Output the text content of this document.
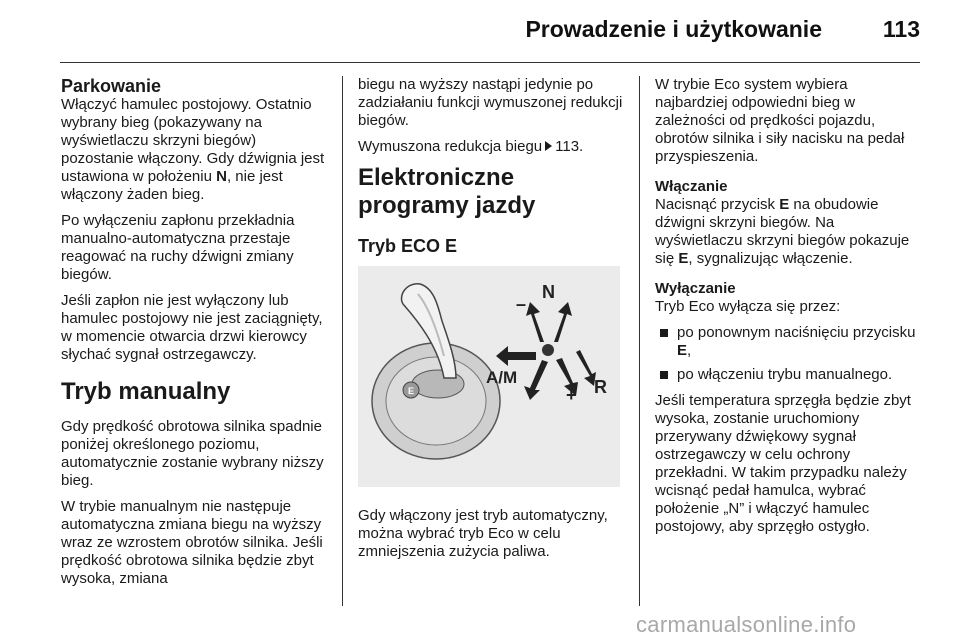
Prowadzenie i użytkowanie	113
Parkowanie

Włączyć hamulec postojowy. Ostatnio wybrany bieg (pokazywany na wyświetlaczu skrzyni biegów) pozostanie włączony. Gdy dźwignia jest ustawiona w położeniu N, nie jest włączony żaden bieg.

Po wyłączeniu zapłonu przekładnia manualno-automatyczna przestaje reagować na ruchy dźwigni zmiany biegów.

Jeśli zapłon nie jest wyłączony lub hamulec postojowy nie jest zaciągnięty, w momencie otwarcia drzwi kierowcy słychać sygnał ostrzegawczy.

Tryb manualny

Gdy prędkość obrotowa silnika spadnie poniżej określonego poziomu, automatycznie zostanie wybrany niższy bieg.

W trybie manualnym nie następuje automatyczna zmiana biegu na wyższy wraz ze wzrostem obrotów silnika. Jeśli prędkość obrotowa silnika będzie zbyt wysoka, zmiana

biegu na wyższy nastąpi jedynie po zadziałaniu funkcji wymuszonej redukcji biegów.

Wymuszona redukcja biegu 113.

Elektroniczne programy jazdy
Tryb ECO E
E
N
–
A/M
+ R

Gdy włączony jest tryb automatyczny, można wybrać tryb Eco w celu zmniejszenia zużycia paliwa.

W trybie Eco system wybiera najbardziej odpowiedni bieg w zależności od prędkości pojazdu, obrotów silnika i siły nacisku na pedał przyspieszenia.

Włączanie

Nacisnąć przycisk E na obudowie dźwigni skrzyni biegów. Na wyświetlaczu skrzyni biegów pokazuje się E, sygnalizując włączenie.

Wyłączanie

Tryb Eco wyłącza się przez:

po ponownym naciśnięciu przycisku E,
po włączeniu trybu manualnego.

Jeśli temperatura sprzęgła będzie zbyt wysoka, zostanie uruchomiony przerywany dźwiękowy sygnał ostrzegawczy w celu ochrony przekładni. W takim przypadku należy wcisnąć pedał hamulca, wybrać położenie „N” i włączyć hamulec postojowy, aby sprzęgło ostygło.

carmanualsonline.info
